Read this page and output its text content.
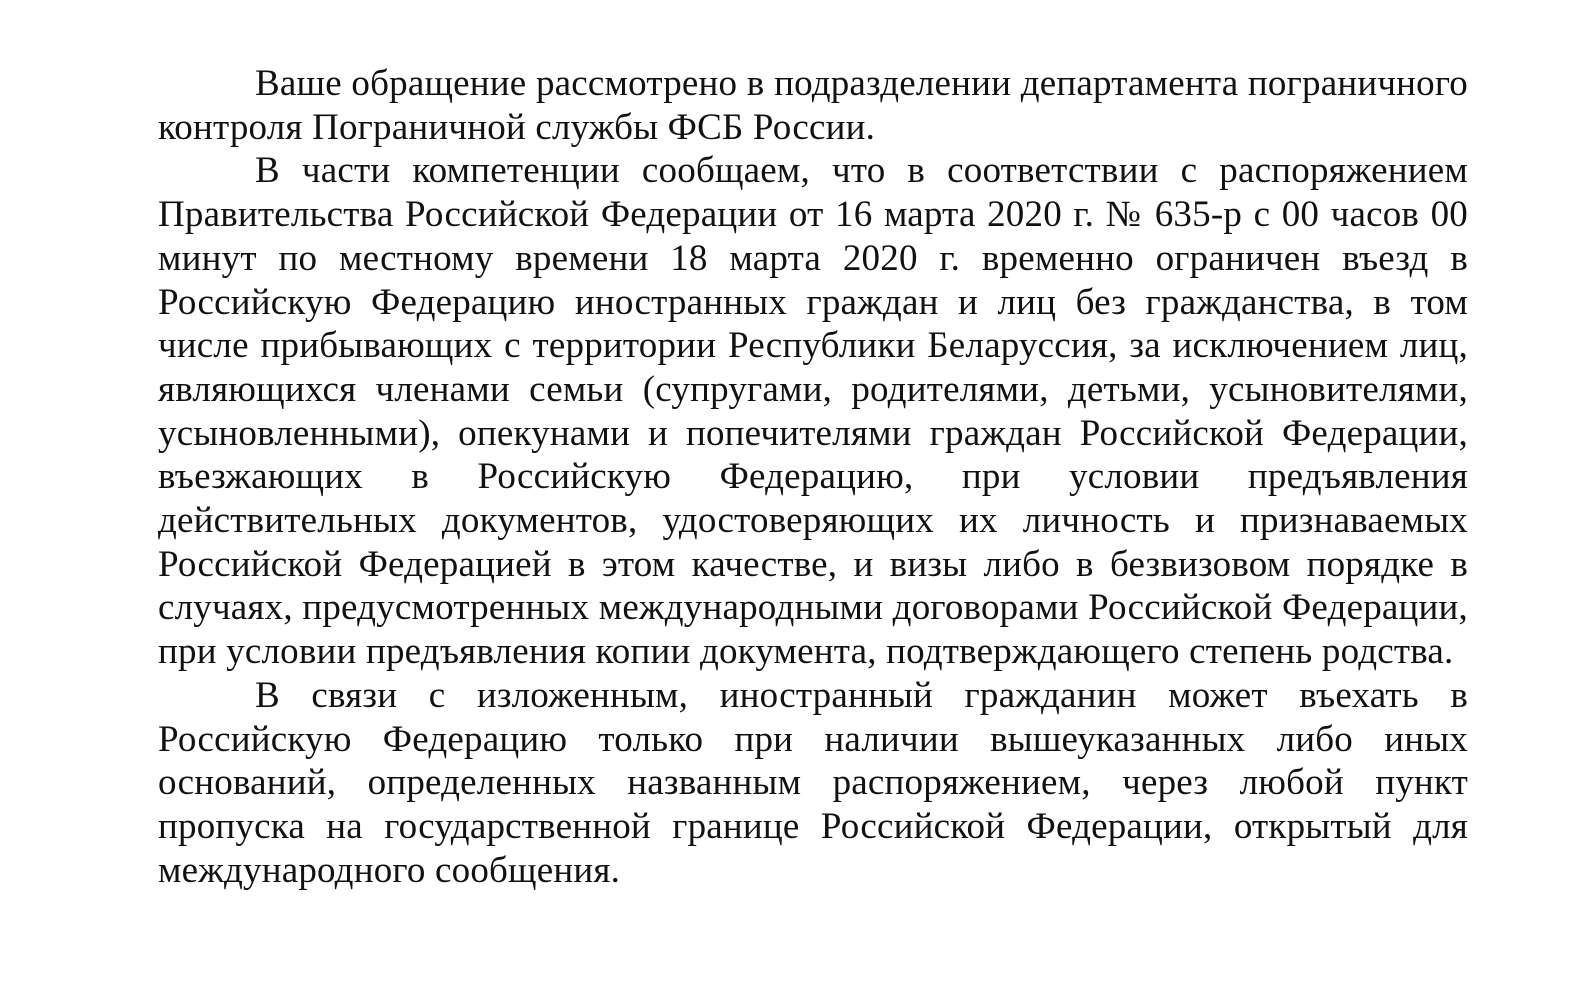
Ваше обращение рассмотрено в подразделении департамента пограничного контроля Пограничной службы ФСБ России.

В части компетенции сообщаем, что в соответствии с распоряжением Правительства Российской Федерации от 16 марта 2020 г. № 635-р с 00 часов 00 минут по местному времени 18 марта 2020 г. временно ограничен въезд в Российскую Федерацию иностранных граждан и лиц без гражданства, в том числе прибывающих с территории Республики Беларуссия, за исключением лиц, являющихся членами семьи (супругами, родителями, детьми, усыновителями, усыновленными), опекунами и попечителями граждан Российской Федерации, въезжающих в Российскую Федерацию, при условии предъявления действительных документов, удостоверяющих их личность и признаваемых Российской Федерацией в этом качестве, и визы либо в безвизовом порядке в случаях, предусмотренных международными договорами Российской Федерации, при условии предъявления копии документа, подтверждающего степень родства.

В связи с изложенным, иностранный гражданин может въехать в Российскую Федерацию только при наличии вышеуказанных либо иных оснований, определенных названным распоряжением, через любой пункт пропуска на государственной границе Российской Федерации, открытый для международного сообщения.
